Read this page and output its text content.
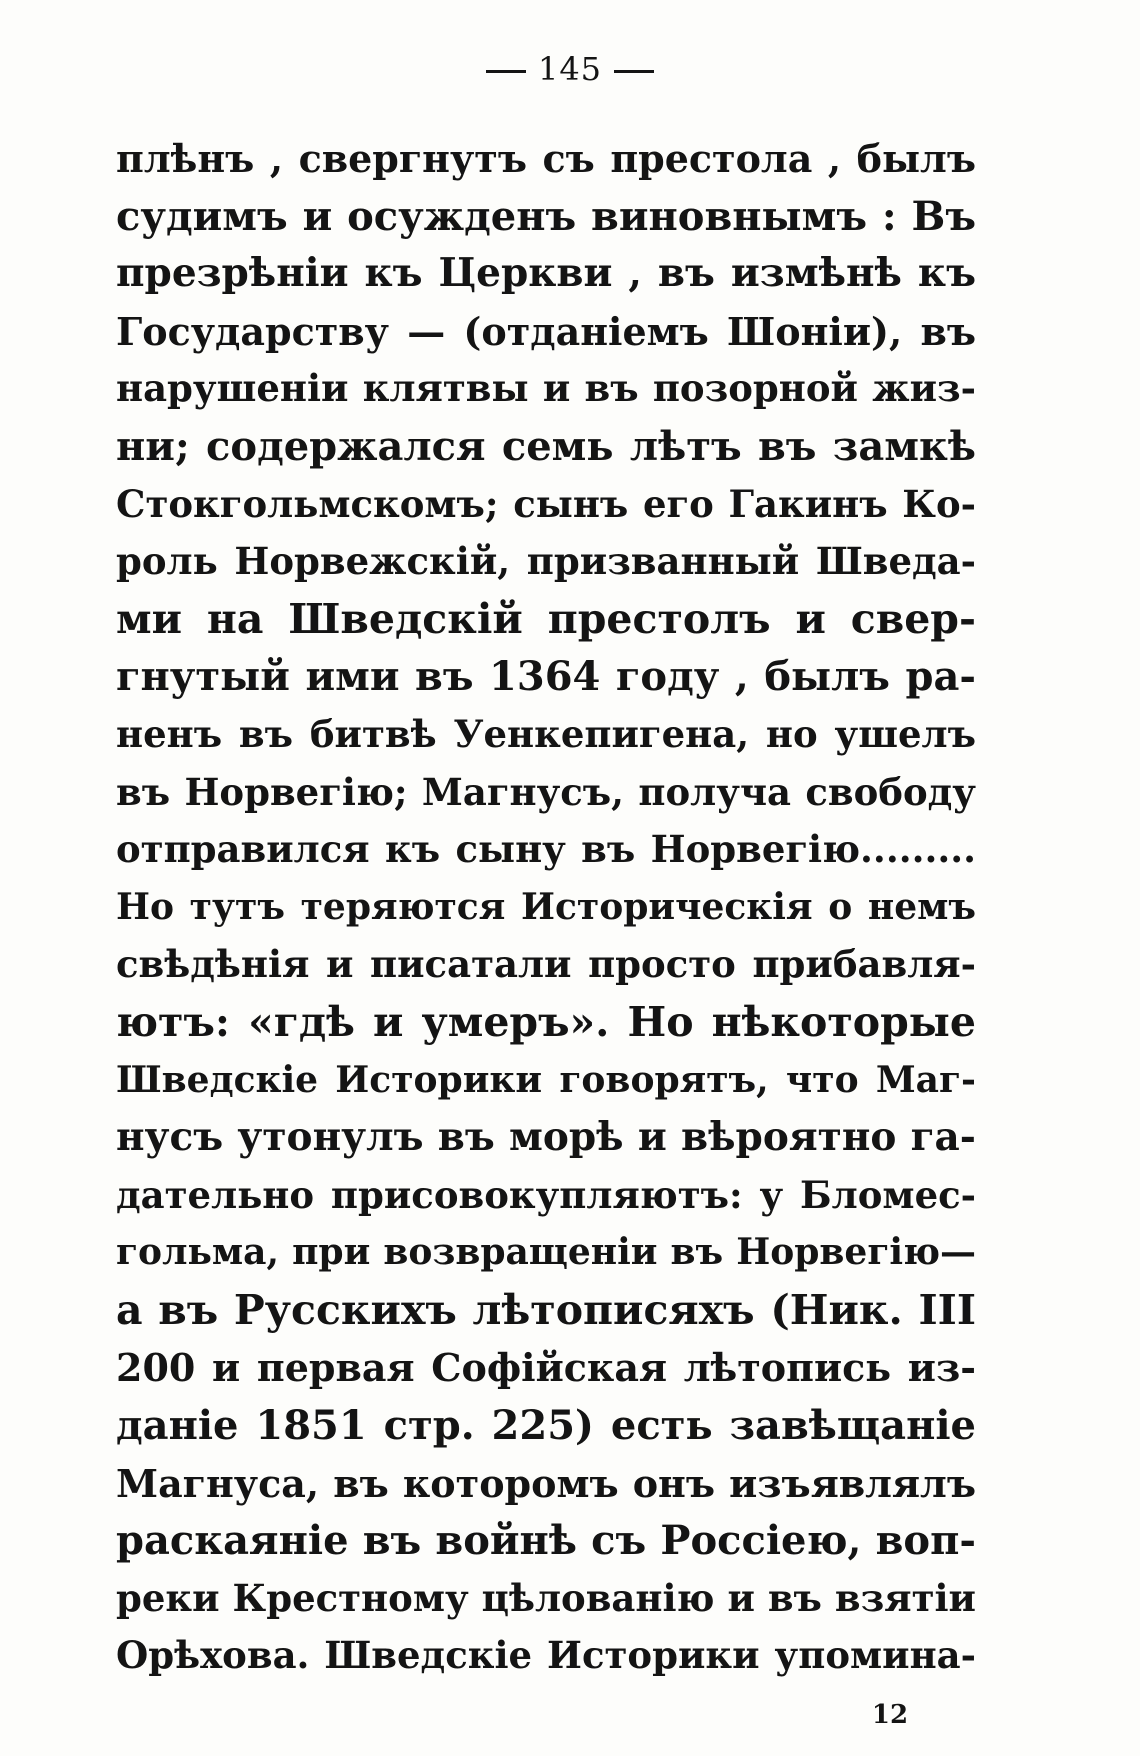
145
плѣнъ , свергнутъ съ престола , былъ
судимъ и осужденъ виновнымъ : Въ
презрѣніи къ Церкви , въ измѣнѣ къ
Государству — (отданіемъ Шоніи), въ
нарушеніи клятвы и въ позорной жиз-
ни; содержался семь лѣтъ въ замкѣ
Стокгольмскомъ; сынъ его Гакинъ Ко-
роль Норвежскій, призванный Шведа-
ми на Шведскій престолъ и свер-
гнутый ими въ 1364 году , былъ ра-
ненъ въ битвѣ Уенкепигена, но ушелъ
въ Норвегію; Магнусъ, получа свободу
отправился къ сыну въ Норвегію.........
Но тутъ теряются Историческія о немъ
свѣдѣнія и писатали просто прибавля-
ютъ: «гдѣ и умеръ». Но нѣкоторые
Шведскіе Историки говорятъ, что Маг-
нусъ утонулъ въ морѣ и вѣроятно га-
дательно присовокупляютъ: у Бломес-
гольма, при возвращеніи въ Норвегію—
а въ Русскихъ лѣтописяхъ (Ник. III
200 и первая Софійская лѣтопись из-
даніе 1851 стр. 225) есть завѣщаніе
Магнуса, въ которомъ онъ изъявлялъ
раскаяніе въ войнѣ съ Россіею, воп-
реки Крестному цѣлованію и въ взятіи
Орѣхова. Шведскіе Историки упомина-
12
